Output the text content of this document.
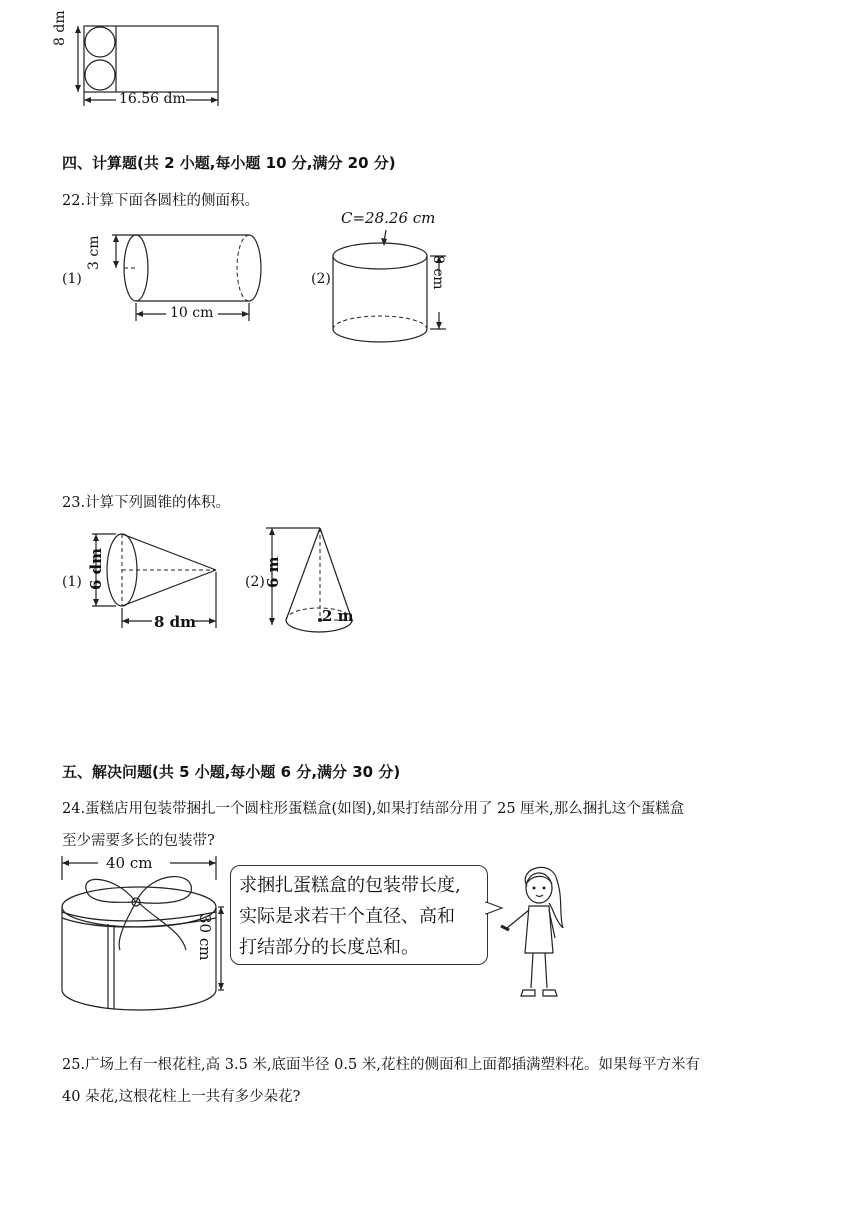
8 dm
16.56 dm
四、计算题(共 2 小题,每小题 10 分,满分 20 分)
22.计算下面各圆柱的侧面积。
(1)
3 cm
10 cm
(2)
C=28.26 cm
8 cm
23.计算下列圆锥的体积。
(1) 6 dm
8 dm
(2) 6 m
2 m
五、解决问题(共 5 小题,每小题 6 分,满分 30 分)
24.蛋糕店用包装带捆扎一个圆柱形蛋糕盒(如图),如果打结部分用了 25 厘米,那么捆扎这个蛋糕盒
至少需要多长的包装带?
40 cm
30 cm
求捆扎蛋糕盒的包装带长度,
实际是求若干个直径、高和
打结部分的长度总和。
25.广场上有一根花柱,高 3.5 米,底面半径 0.5 米,花柱的侧面和上面都插满塑料花。如果每平方米有
40 朵花,这根花柱上一共有多少朵花?
